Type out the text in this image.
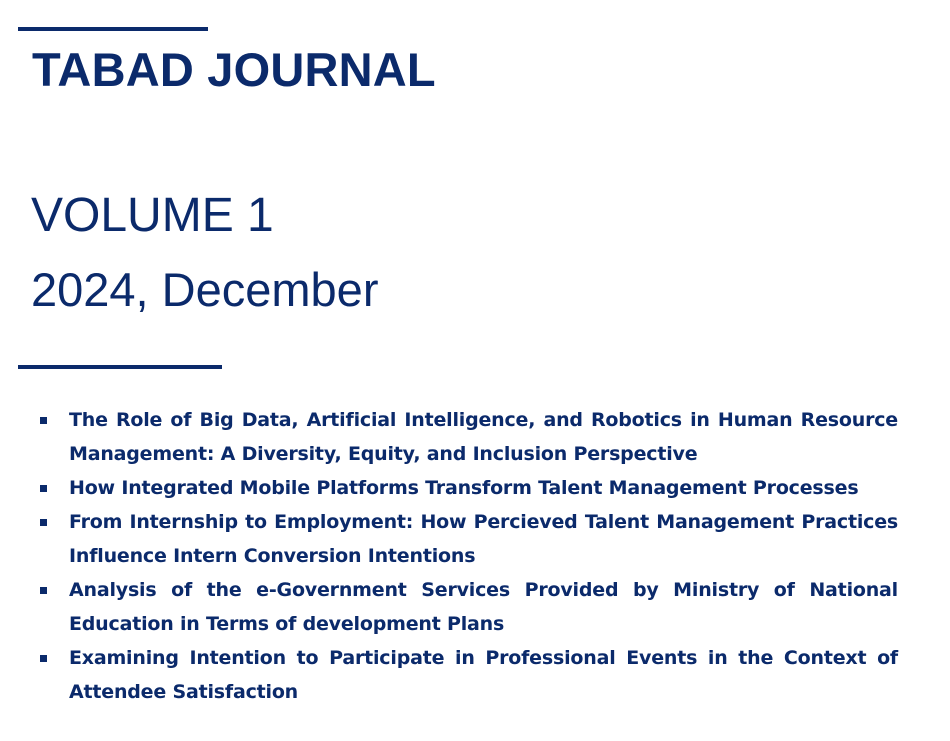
TABAD JOURNAL
VOLUME 1
2024, December
The Role of Big Data, Artificial Intelligence, and Robotics in Human Resource Management: A Diversity, Equity, and Inclusion Perspective
How Integrated Mobile Platforms Transform Talent Management Processes
From Internship to Employment: How Percieved Talent Management Practices Influence Intern Conversion Intentions
Analysis of the e-Government Services Provided by Ministry of National Education in Terms of development Plans
Examining Intention to Participate in Professional Events in the Context of Attendee Satisfaction
